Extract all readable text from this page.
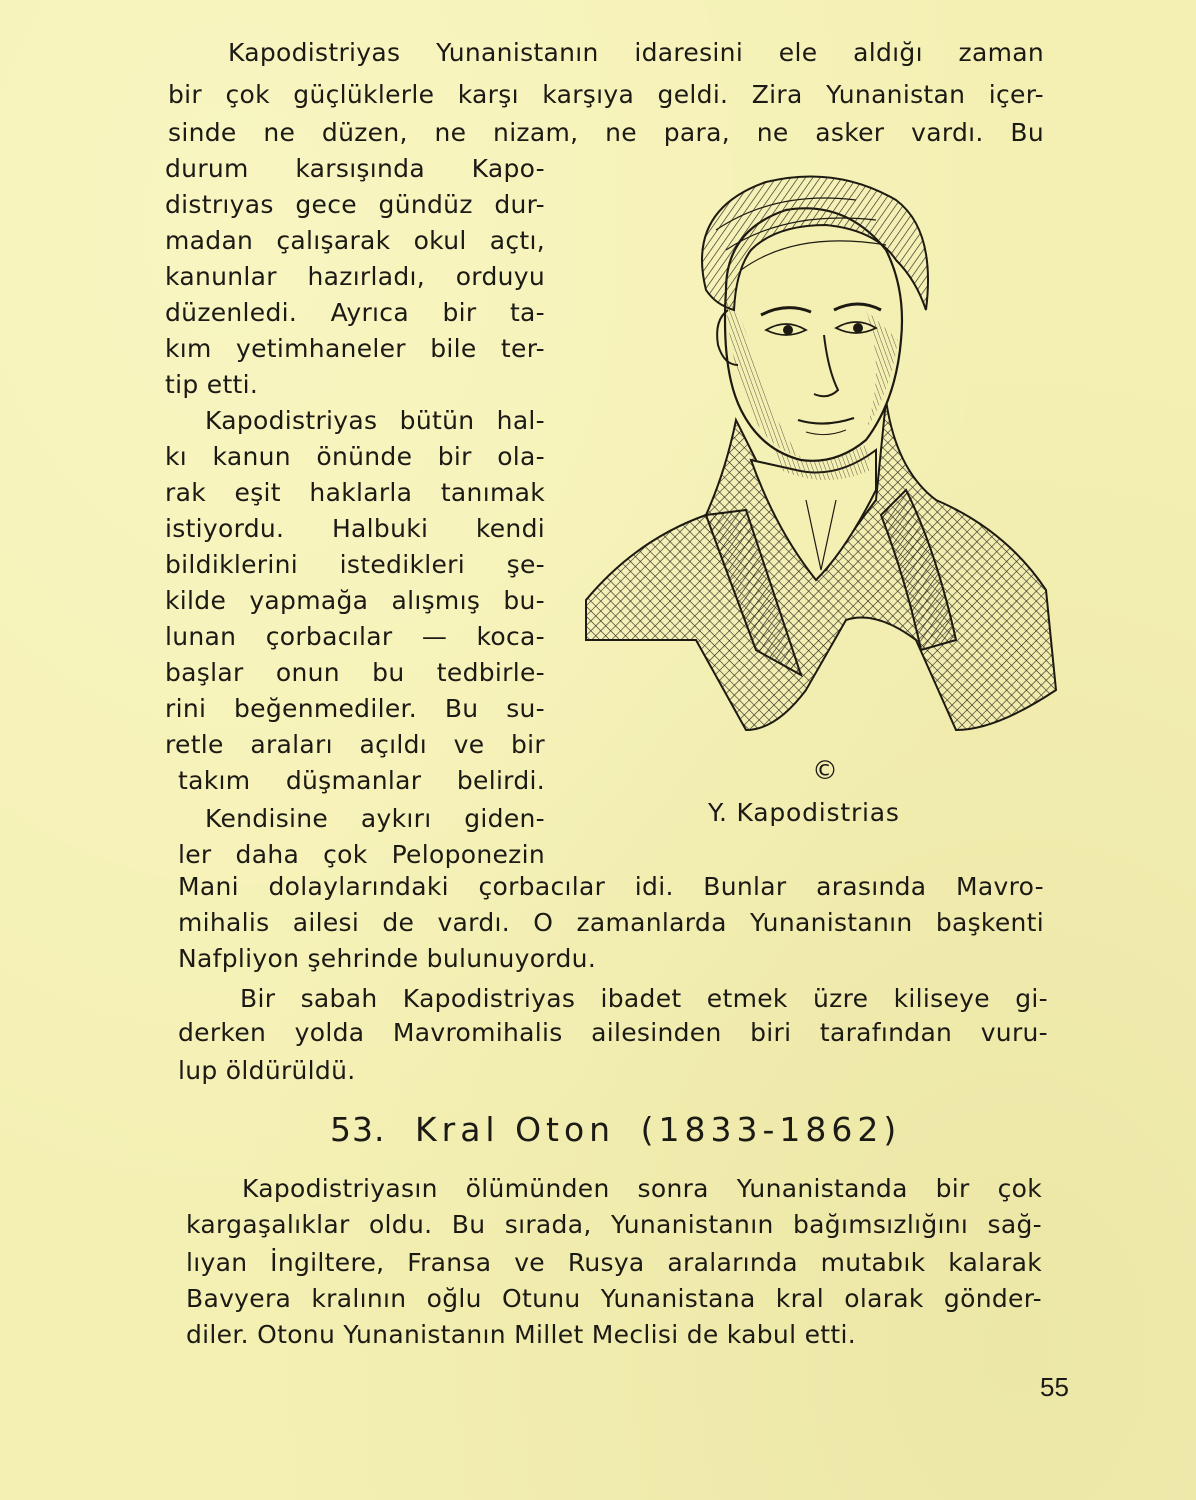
Kapodistriyas Yunanistanın idaresini ele aldığı zaman
bir çok güçlüklerle karşı karşıya geldi. Zira Yunanistan içer-
sinde ne düzen, ne nizam, ne para, ne asker vardı. Bu
durum karsışında Kapo-
distrıyas gece gündüz dur-
madan çalışarak okul açtı,
kanunlar hazırladı, orduyu
düzenledi. Ayrıca bir ta-
kım yetimhaneler bile ter-
tip etti.
Kapodistriyas bütün hal-
kı kanun önünde bir ola-
rak eşit haklarla tanımak
istiyordu. Halbuki kendi
bildiklerini istedikleri şe-
kilde yapmağa alışmış bu-
lunan çorbacılar — koca-
başlar onun bu tedbirle-
rini beğenmediler. Bu su-
retle araları açıldı ve bir
takım düşmanlar belirdi.
Kendisine aykırı giden-
ler daha çok Peloponezin
Mani dolaylarındaki çorbacılar idi. Bunlar arasında Mavro-
mihalis ailesi de vardı. O zamanlarda Yunanistanın başkenti
Nafpliyon şehrinde bulunuyordu.
Bir sabah Kapodistriyas ibadet etmek üzre kiliseye gi-
derken yolda Mavromihalis ailesinden biri tarafından vuru-
lup öldürüldü.
53. Kral Oton (1833-1862)
Kapodistriyasın ölümünden sonra Yunanistanda bir çok
kargaşalıklar oldu. Bu sırada, Yunanistanın bağımsızlığını sağ-
lıyan İngiltere, Fransa ve Rusya aralarında mutabık kalarak
Bavyera kralının oğlu Otunu Yunanistana kral olarak gönder-
diler. Otonu Yunanistanın Millet Meclisi de kabul etti.
©
Y. Kapodistrias
55
